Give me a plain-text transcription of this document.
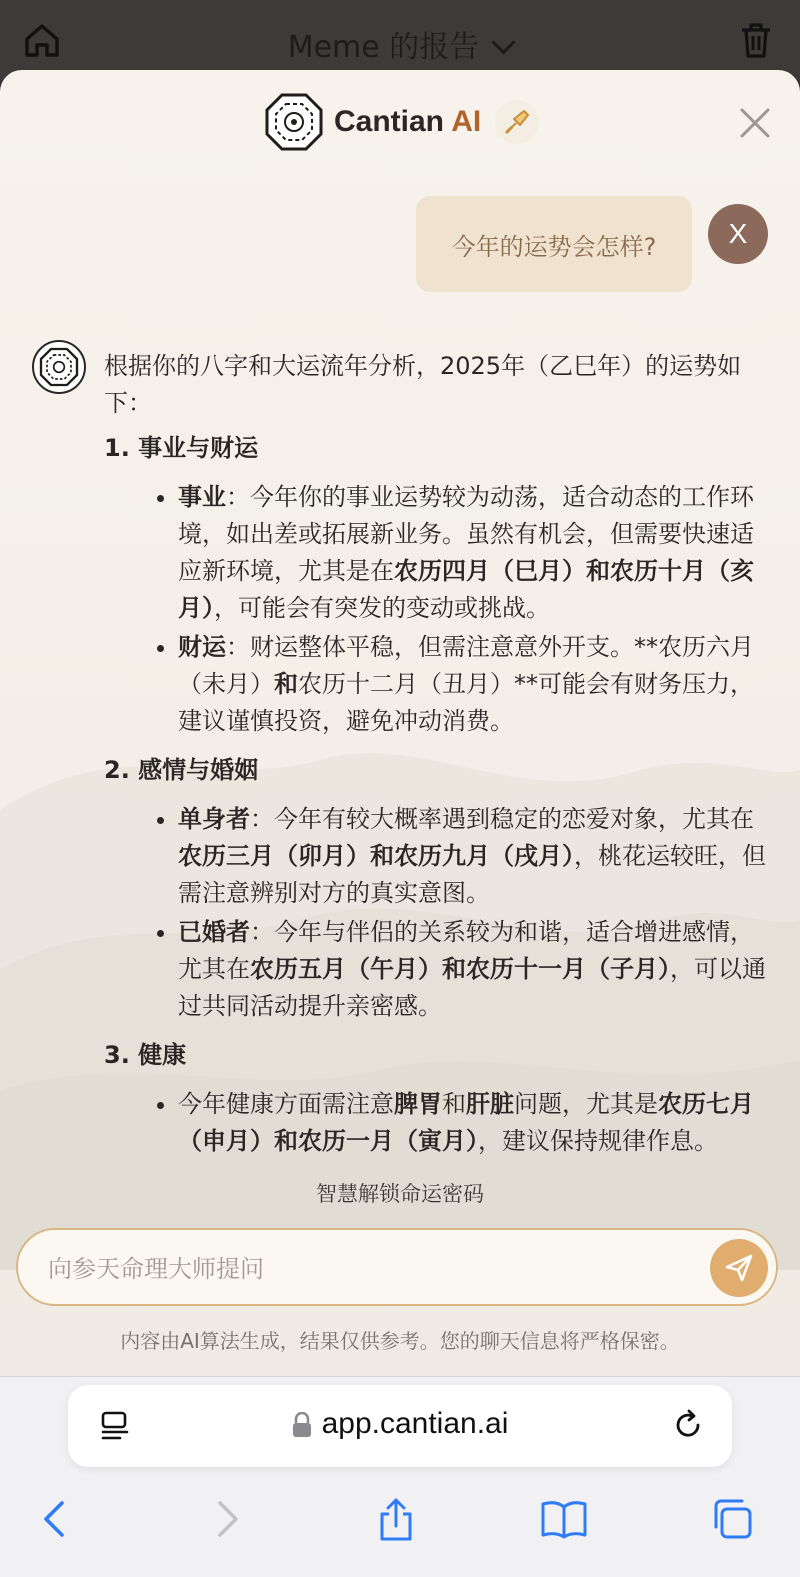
Meme 的报告
Cantian AI
今年的运势会怎样?	X

根据你的八字和大运流年分析，2025年（乙巳年）的运势如下：

1. 事业与财运
• 事业：今年你的事业运势较为动荡，适合动态的工作环境，如出差或拓展新业务。虽然有机会，但需要快速适应新环境，尤其是在农历四月（巳月）和农历十月（亥月），可能会有突发的变动或挑战。
• 财运：财运整体平稳，但需注意意外开支。**农历六月（未月）和农历十二月（丑月）**可能会有财务压力，建议谨慎投资，避免冲动消费。
2. 感情与婚姻
• 单身者：今年有较大概率遇到稳定的恋爱对象，尤其在农历三月（卯月）和农历九月（戌月），桃花运较旺，但需注意辨别对方的真实意图。
• 已婚者：今年与伴侣的关系较为和谐，适合增进感情，尤其在农历五月（午月）和农历十一月（子月），可以通过共同活动提升亲密感。
3. 健康
• 今年健康方面需注意脾胃和肝脏问题，尤其是农历七月（申月）和农历一月（寅月），建议保持规律作息。
智慧解锁命运密码
向参天命理大师提问
内容由AI算法生成，结果仅供参考。您的聊天信息将严格保密。
app.cantian.ai
